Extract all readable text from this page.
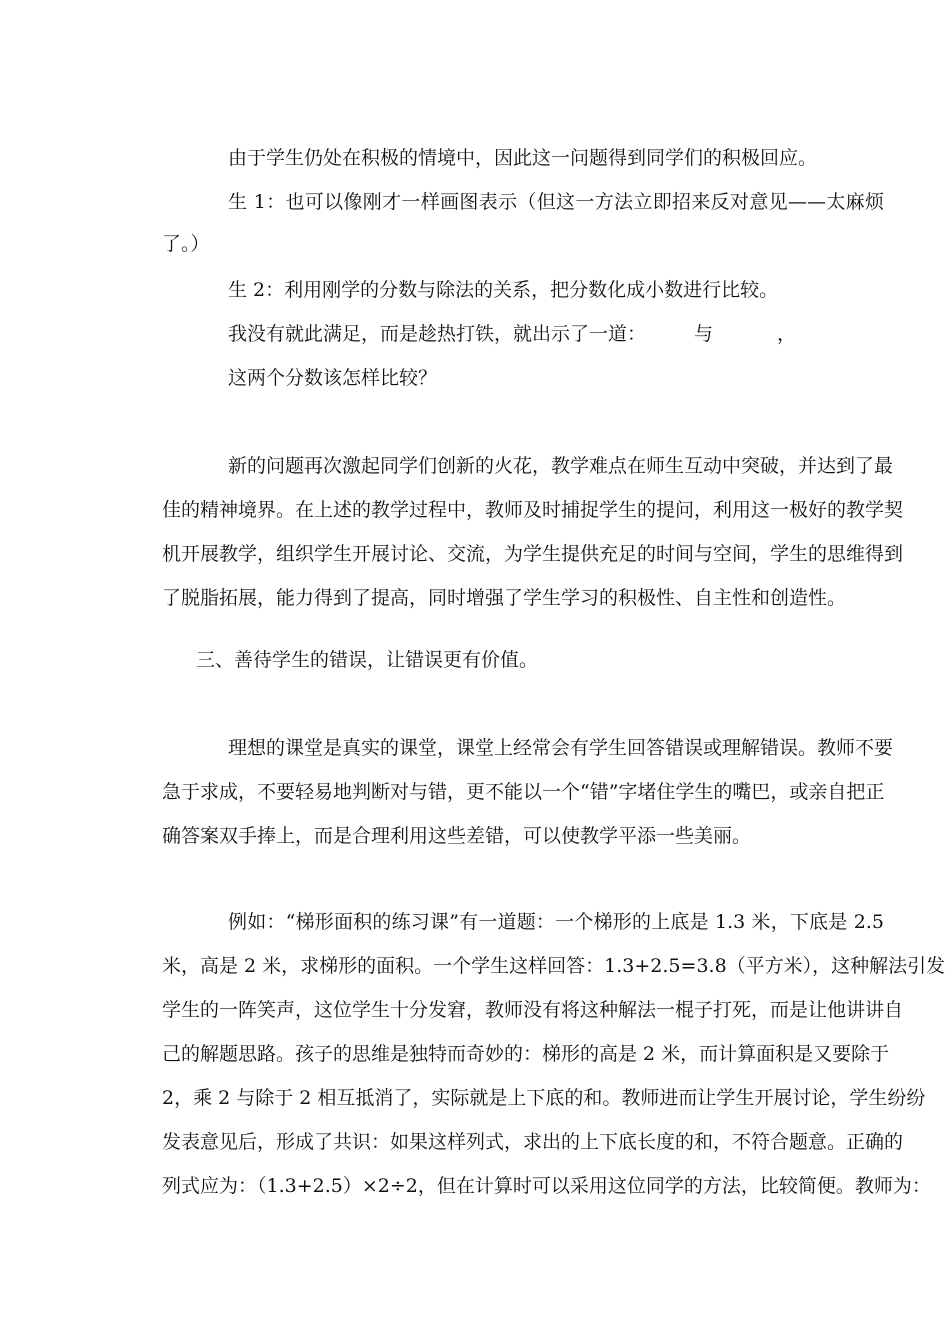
由于学生仍处在积极的情境中，因此这一问题得到同学们的积极回应。
生 1：也可以像刚才一样画图表示（但这一方法立即招来反对意见——太麻烦
了。）
生 2：利用刚学的分数与除法的关系，把分数化成小数进行比较。
我没有就此满足，而是趁热打铁，就出示了一道：	与	，
这两个分数该怎样比较？
新的问题再次激起同学们创新的火花，教学难点在师生互动中突破，并达到了最
佳的精神境界。在上述的教学过程中，教师及时捕捉学生的提问，利用这一极好的教学契
机开展教学，组织学生开展讨论、交流，为学生提供充足的时间与空间，学生的思维得到
了脱脂拓展，能力得到了提高，同时增强了学生学习的积极性、自主性和创造性。
三、善待学生的错误，让错误更有价值。
理想的课堂是真实的课堂，课堂上经常会有学生回答错误或理解错误。教师不要
急于求成，不要轻易地判断对与错，更不能以一个“错”字堵住学生的嘴巴，或亲自把正
确答案双手捧上，而是合理利用这些差错，可以使教学平添一些美丽。
例如：“梯形面积的练习课”有一道题：一个梯形的上底是 1.3 米，下底是 2.5
米，高是 2 米，求梯形的面积。一个学生这样回答：1.3+2.5=3.8（平方米），这种解法引发
学生的一阵笑声，这位学生十分发窘，教师没有将这种解法一棍子打死，而是让他讲讲自
己的解题思路。孩子的思维是独特而奇妙的：梯形的高是 2 米，而计算面积是又要除于
2，乘 2 与除于 2 相互抵消了，实际就是上下底的和。教师进而让学生开展讨论，学生纷纷
发表意见后，形成了共识：如果这样列式，求出的上下底长度的和，不符合题意。正确的
列式应为：（1.3+2.5）×2÷2，但在计算时可以采用这位同学的方法，比较简便。教师为：
